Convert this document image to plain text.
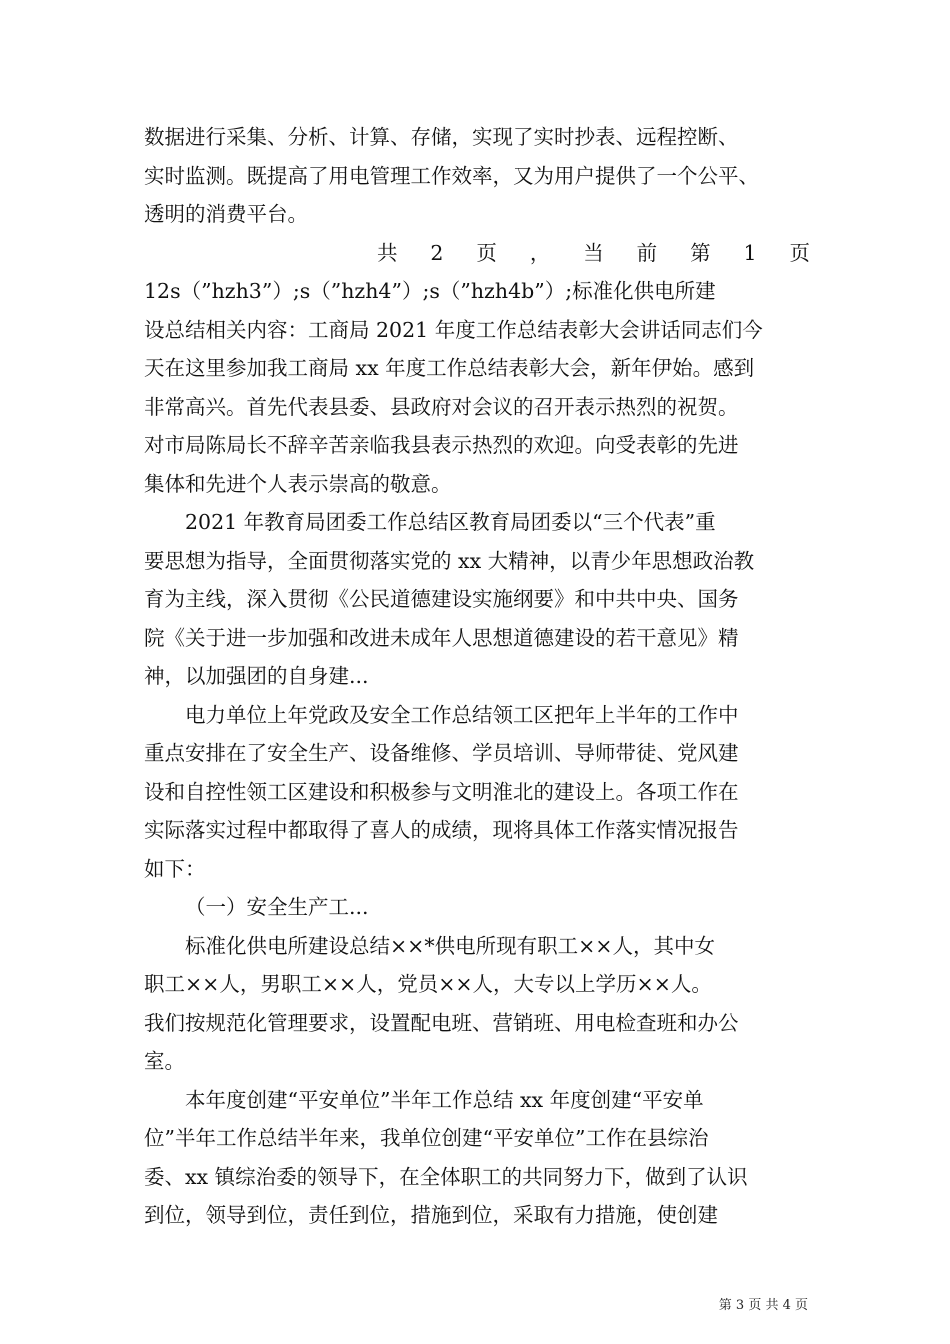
数据进行采集、分析、计算、存储，实现了实时抄表、远程控断、
实时监测。既提高了用电管理工作效率，又为用户提供了一个公平、
透明的消费平台。

共 2 页 ， 当 前 第 1 页

12s（”hzh3”）;s（”hzh4”）;s（”hzh4b”）;标准化供电所建
设总结相关内容：工商局 2021 年度工作总结表彰大会讲话同志们今
天在这里参加我工商局 xx 年度工作总结表彰大会，新年伊始。感到
非常高兴。首先代表县委、县政府对会议的召开表示热烈的祝贺。
对市局陈局长不辞辛苦亲临我县表示热烈的欢迎。向受表彰的先进
集体和先进个人表示崇高的敬意。

2021 年教育局团委工作总结区教育局团委以“三个代表”重
要思想为指导，全面贯彻落实党的 xx 大精神，以青少年思想政治教
育为主线，深入贯彻《公民道德建设实施纲要》和中共中央、国务
院《关于进一步加强和改进未成年人思想道德建设的若干意见》精
神，以加强团的自身建...

电力单位上年党政及安全工作总结领工区把年上半年的工作中
重点安排在了安全生产、设备维修、学员培训、导师带徒、党风建
设和自控性领工区建设和积极参与文明淮北的建设上。各项工作在
实际落实过程中都取得了喜人的成绩，现将具体工作落实情况报告
如下：

（一）安全生产工...

标准化供电所建设总结××*供电所现有职工××人，其中女
职工××人，男职工××人，党员××人，大专以上学历××人。
我们按规范化管理要求，设置配电班、营销班、用电检查班和办公
室。

本年度创建“平安单位”半年工作总结 xx 年度创建“平安单
位”半年工作总结半年来，我单位创建“平安单位”工作在县综治
委、xx 镇综治委的领导下，在全体职工的共同努力下，做到了认识
到位，领导到位，责任到位，措施到位，采取有力措施，使创建

第 3 页 共 4 页
